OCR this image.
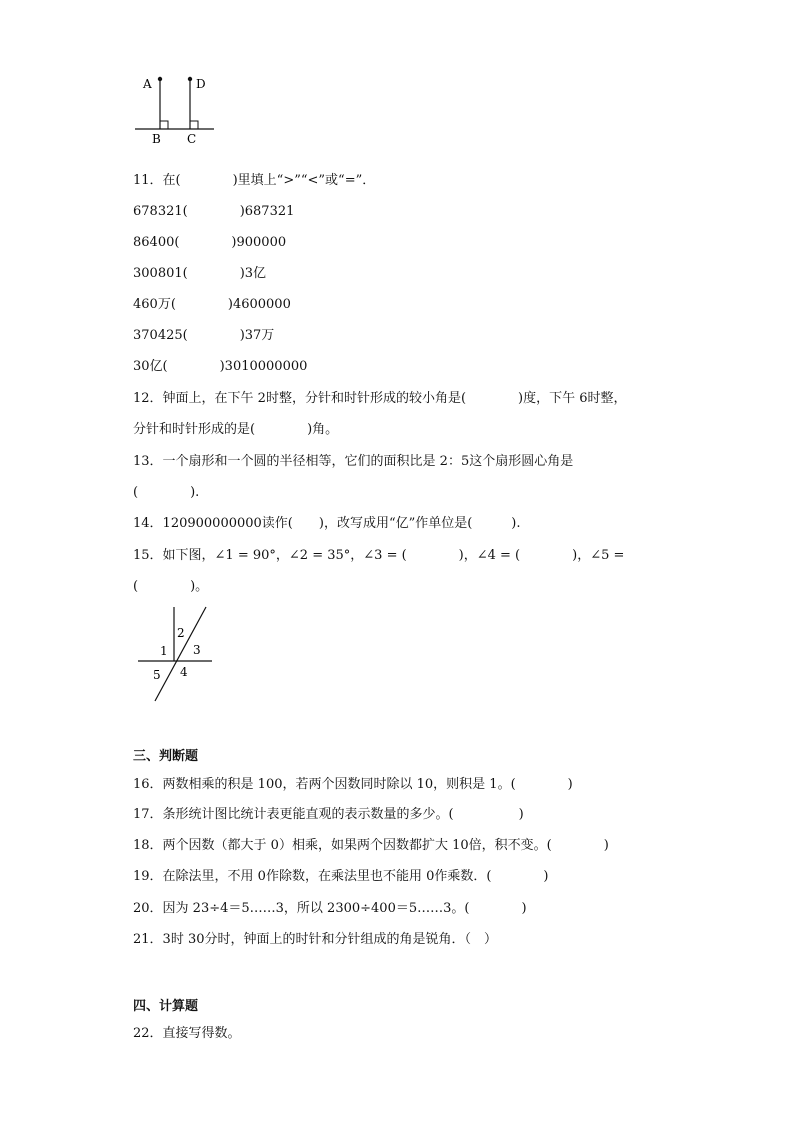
A	D
B C
11．在(　　　　)里填上“>”“<”或“=”．
678321(　　　　)687321
86400(　　　　)900000
300801(　　　　)3亿
460万(　　　　)4600000
370425(　　　　)37万
30亿(　　　　)3010000000
12．钟面上，在下午 2时整，分针和时针形成的较小角是(　　　　)度，下午 6时整，
分针和时针形成的是(　　　　)角。
13．一个扇形和一个圆的半径相等，它们的面积比是 2：5这个扇形圆心角是
(　　　　).
14．120900000000读作(　　)，改写成用“亿”作单位是(　　　).
15．如下图，∠1 = 90°，∠2 = 35°，∠3 = (　　　　)，∠4 = (　　　　)，∠5 =
(　　　　)。
1
2
3
4
5
三、判断题
16．两数相乘的积是 100，若两个因数同时除以 10，则积是 1。(　　　　)
17．条形统计图比统计表更能直观的表示数量的多少。(　　　　　)
18．两个因数（都大于 0）相乘，如果两个因数都扩大 10倍，积不变。(　　　　)
19．在除法里，不用 0作除数，在乘法里也不能用 0作乘数．(　　　　)
20．因为 23÷4＝5……3，所以 2300÷400＝5……3。(　　　　)
21．3时 30分时，钟面上的时针和分针组成的角是锐角．（　）
四、计算题
22．直接写得数。
